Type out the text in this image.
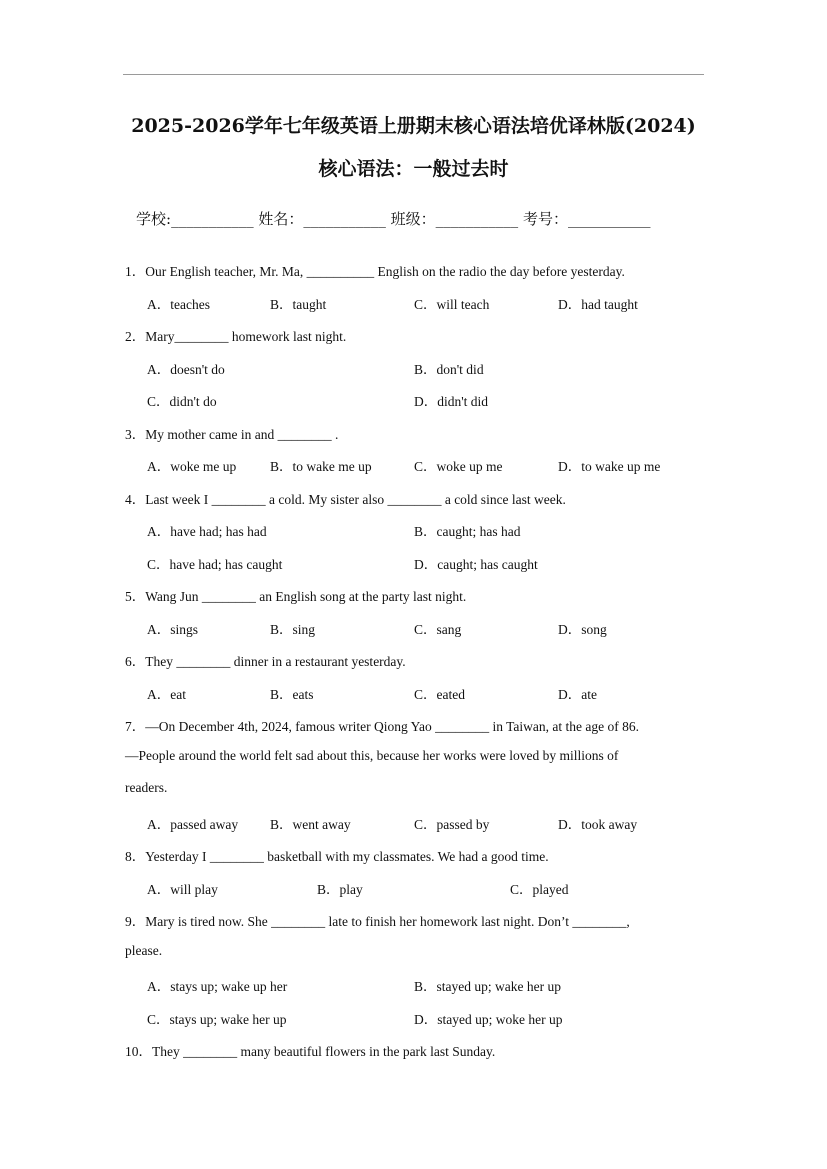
2025-2026学年七年级英语上册期末核心语法培优译林版(2024)
核心语法：一般过去时
学校:___________ 姓名：___________ 班级：___________ 考号：___________
1．Our English teacher, Mr. Ma, __________ English on the radio the day before yesterday.
A．teaches	B．taught	C．will teach	D．had taught
2．Mary________ homework last night.
A．doesn't do	B．don't did
C．didn't do	D．didn't did
3．My mother came in and ________ .
A．woke me up	B．to wake me up	C．woke up me	D．to wake up me
4．Last week I ________ a cold. My sister also ________ a cold since last week.
A．have had; has had	B．caught; has had
C．have had; has caught	D．caught; has caught
5．Wang Jun ________ an English song at the party last night.
A．sings	B．sing	C．sang	D．song
6．They ________ dinner in a restaurant yesterday.
A．eat	B．eats	C．eated	D．ate
7．—On December 4th, 2024, famous writer Qiong Yao ________ in Taiwan, at the age of 86.
—People around the world felt sad about this, because her works were loved by millions of
readers.
A．passed away B．went away	C．passed by	D．took away
8．Yesterday I ________ basketball with my classmates. We had a good time.
A．will play	B．play	C．played
9．Mary is tired now. She ________ late to finish her homework last night. Don’t ________,
please.
A．stays up; wake up her	B．stayed up; wake her up
C．stays up; wake her up	D．stayed up; woke her up
10．They ________ many beautiful flowers in the park last Sunday.
